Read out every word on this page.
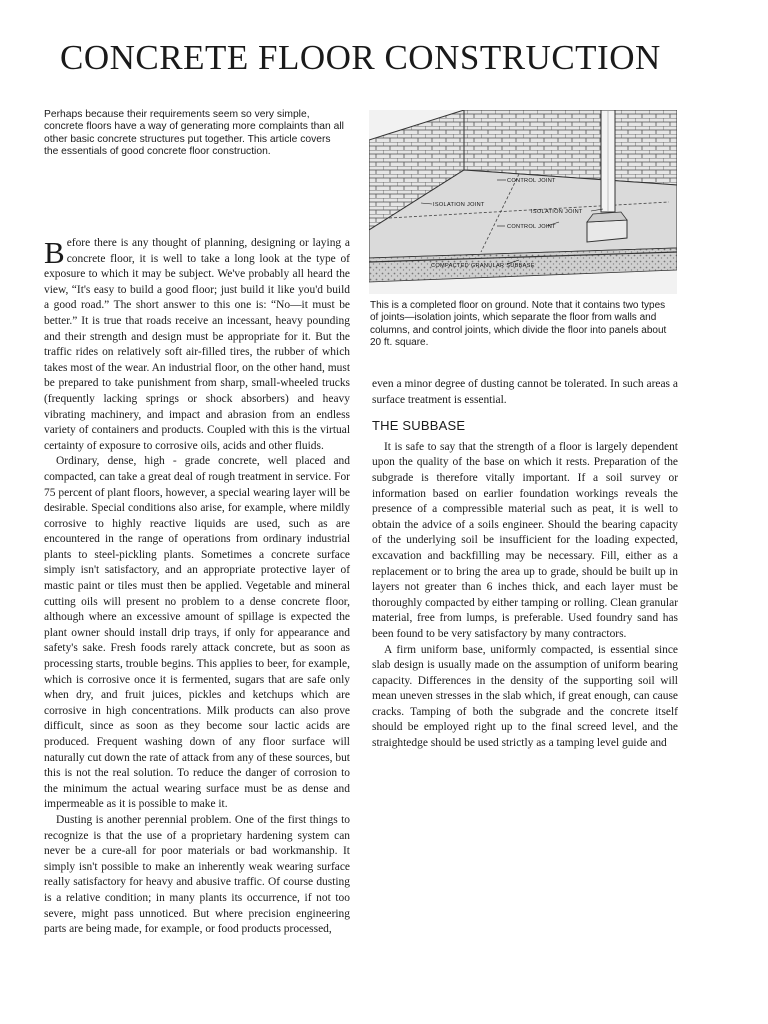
CONCRETE FLOOR CONSTRUCTION

Perhaps because their requirements seem so very simple, concrete floors have a way of generating more complaints than all other basic concrete structures put together. This article covers the essentials of good concrete floor construction.

CONTROL JOINT
ISOLATION JOINT
ISOLATION JOINT
CONTROL JOINT
COMPACTED GRANULAR SUBBASE

This is a completed floor on ground. Note that it contains two types of joints—isolation joints, which separate the floor from walls and columns, and control joints, which divide the floor into panels about 20 ft. square.

Before there is any thought of planning, designing or laying a concrete floor, it is well to take a long look at the type of exposure to which it may be subject. We've probably all heard the view, “It's easy to build a good floor; just build it like you'd build a good road.” The short answer to this one is: “No—it must be better.” It is true that roads receive an incessant, heavy pounding and their strength and design must be appropriate for it. But the traffic rides on relatively soft air-filled tires, the rubber of which takes most of the wear. An industrial floor, on the other hand, must be prepared to take punishment from sharp, small-wheeled trucks (frequently lacking springs or shock absorbers) and heavy vibrating machinery, and impact and abrasion from an endless variety of containers and products. Coupled with this is the virtual certainty of exposure to corrosive oils, acids and other fluids.

Ordinary, dense, high - grade concrete, well placed and compacted, can take a great deal of rough treatment in service. For 75 percent of plant floors, however, a special wearing layer will be desirable. Special conditions also arise, for example, where mildly corrosive to highly reactive liquids are used, such as are encountered in the range of operations from ordinary industrial plants to steel-pickling plants. Sometimes a concrete surface simply isn't satisfactory, and an appropriate protective layer of mastic paint or tiles must then be applied. Vegetable and mineral cutting oils will present no problem to a dense concrete floor, although where an excessive amount of spillage is expected the plant owner should install drip trays, if only for appearance and safety's sake. Fresh foods rarely attack concrete, but as soon as processing starts, trouble begins. This applies to beer, for example, which is corrosive once it is fermented, sugars that are safe only when dry, and fruit juices, pickles and ketchups which are corrosive in high concentrations. Milk products can also prove difficult, since as soon as they become sour lactic acids are produced. Frequent washing down of any floor surface will naturally cut down the rate of attack from any of these sources, but this is not the real solution. To reduce the danger of corrosion to the minimum the actual wearing surface must be as dense and impermeable as it is possible to make it.

Dusting is another perennial problem. One of the first things to recognize is that the use of a proprietary hardening system can never be a cure-all for poor materials or bad workmanship. It simply isn't possible to make an inherently weak wearing surface really satisfactory for heavy and abusive traffic. Of course dusting is a relative condition; in many plants its occurrence, if not too severe, might pass unnoticed. But where precision engineering parts are being made, for example, or food products processed,

even a minor degree of dusting cannot be tolerated. In such areas a surface treatment is essential.

THE SUBBASE

It is safe to say that the strength of a floor is largely dependent upon the quality of the base on which it rests. Preparation of the subgrade is therefore vitally important. If a soil survey or information based on earlier foundation workings reveals the presence of a compressible material such as peat, it is well to obtain the advice of a soils engineer. Should the bearing capacity of the underlying soil be insufficient for the loading expected, excavation and backfilling may be necessary. Fill, either as a replacement or to bring the area up to grade, should be built up in layers not greater than 6 inches thick, and each layer must be thoroughly compacted by either tamping or rolling. Clean granular material, free from lumps, is preferable. Used foundry sand has been found to be very satisfactory by many contractors.

A firm uniform base, uniformly compacted, is essential since slab design is usually made on the assumption of uniform bearing capacity. Differences in the density of the supporting soil will mean uneven stresses in the slab which, if great enough, can cause cracks. Tamping of both the subgrade and the concrete itself should be employed right up to the final screed level, and the straightedge should be used strictly as a tamping level guide and
